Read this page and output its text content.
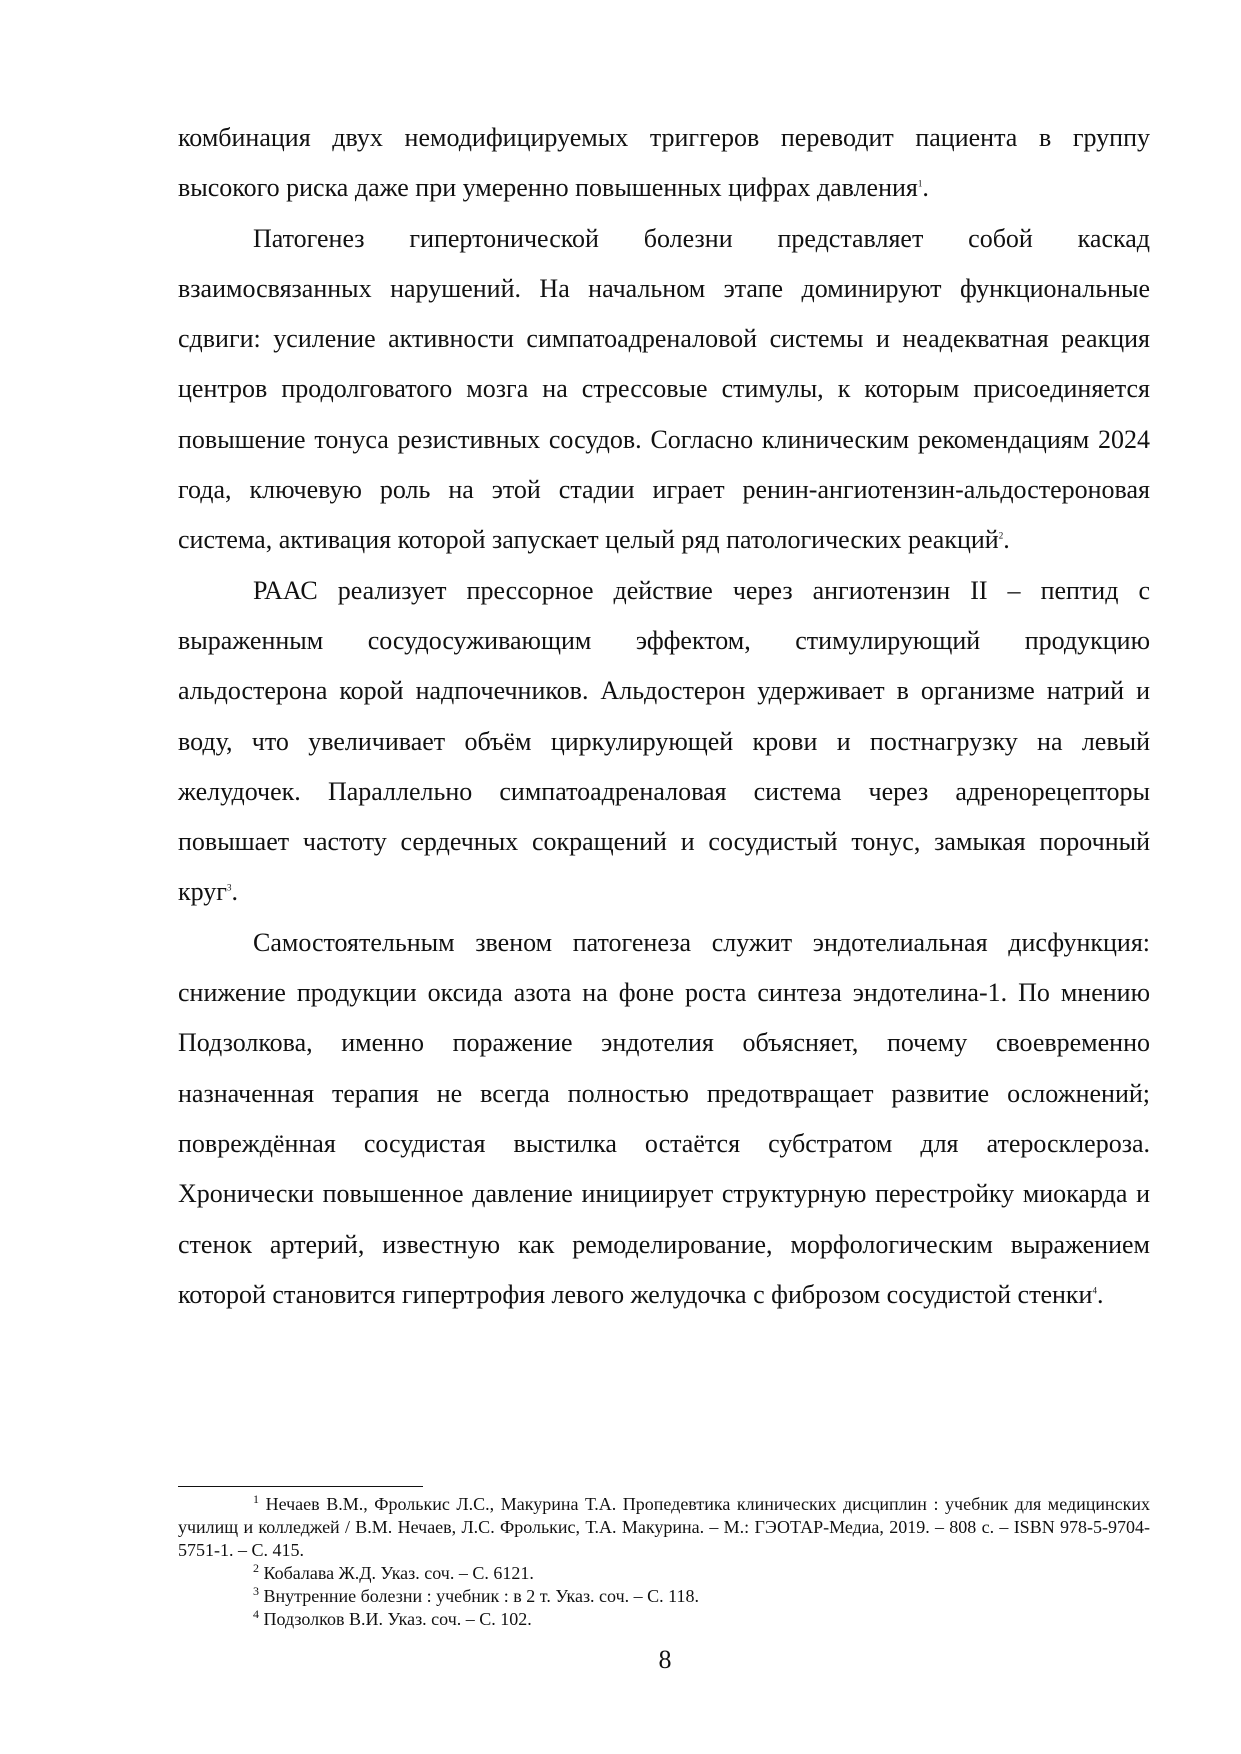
комбинация двух немодифицируемых триггеров переводит пациента в группу высокого риска даже при умеренно повышенных цифрах давления$^1$.

Патогенез гипертонической болезни представляет собой каскад взаимосвязанных нарушений. На начальном этапе доминируют функциональные сдвиги: усиление активности симпатоадреналовой системы и неадекватная реакция центров продолговатого мозга на стрессовые стимулы, к которым присоединяется повышение тонуса резистивных сосудов. Согласно клиническим рекомендациям 2024 года, ключевую роль на этой стадии играет ренин-ангиотензин-альдостероновая система, активация которой запускает целый ряд патологических реакций$^2$.

РААС реализует прессорное действие через ангиотензин II – пептид с выраженным сосудосуживающим эффектом, стимулирующий продукцию альдостерона корой надпочечников. Альдостерон удерживает в организме натрий и воду, что увеличивает объём циркулирующей крови и постнагрузку на левый желудочек. Параллельно симпатоадреналовая система через адренорецепторы повышает частоту сердечных сокращений и сосудистый тонус, замыкая порочный круг$^3$.

Самостоятельным звеном патогенеза служит эндотелиальная дисфункция: снижение продукции оксида азота на фоне роста синтеза эндотелина-1. По мнению Подзолкова, именно поражение эндотелия объясняет, почему своевременно назначенная терапия не всегда полностью предотвращает развитие осложнений; повреждённая сосудистая выстилка остаётся субстратом для атеросклероза. Хронически повышенное давление инициирует структурную перестройку миокарда и стенок артерий, известную как ремоделирование, морфологическим выражением которой становится гипертрофия левого желудочка с фиброзом сосудистой стенки$^4$.

$^1$ Нечаев В.М., Фролькис Л.С., Макурина Т.А. Пропедевтика клинических дисциплин : учебник для медицинских училищ и колледжей / В.М. Нечаев, Л.С. Фролькис, Т.А. Макурина. – М.: ГЭОТАР-Медиа, 2019. – 808 с. – ISBN 978-5-9704-5751-1. – С. 415.

$^2$ Кобалава Ж.Д. Указ. соч. – С. 6121.

$^3$ Внутренние болезни : учебник : в 2 т. Указ. соч. – С. 118.

$^4$ Подзолков В.И. Указ. соч. – С. 102.

8
